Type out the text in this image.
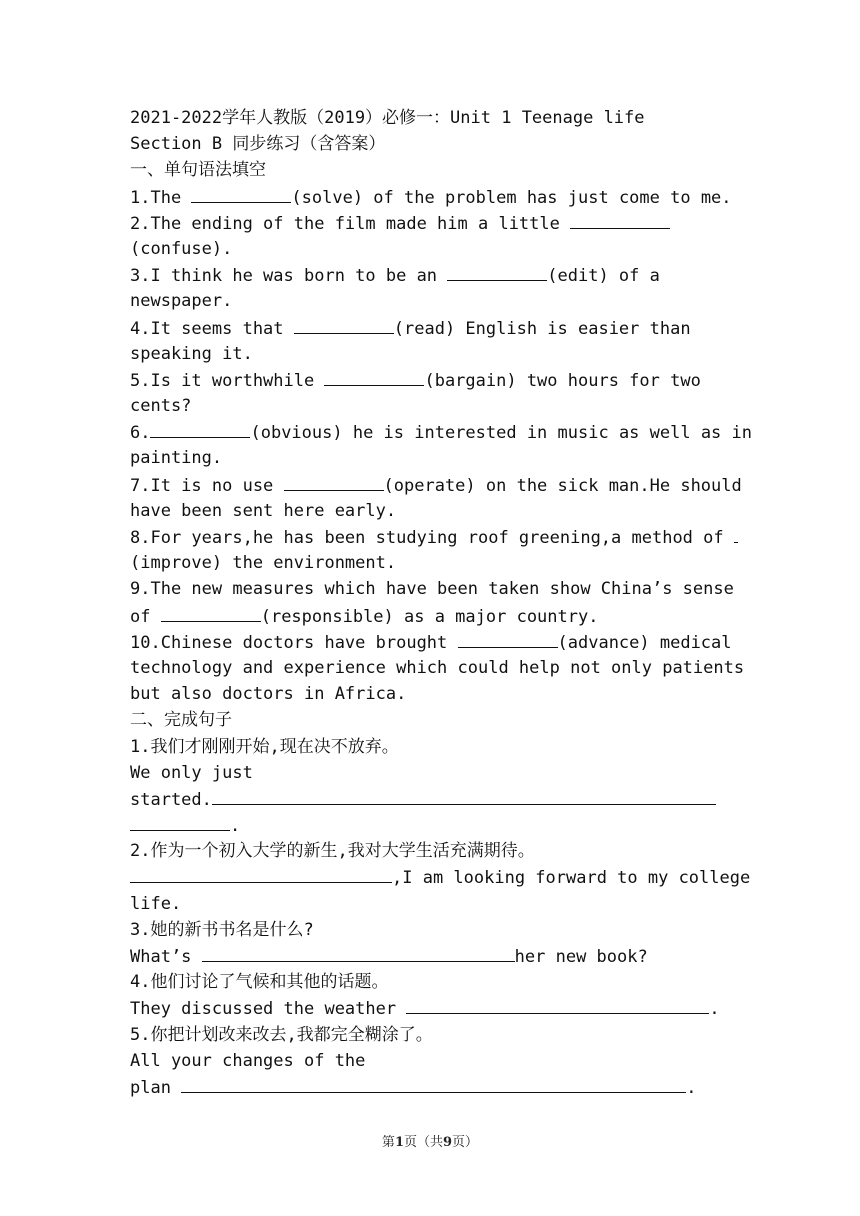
2021-2022学年人教版（2019）必修一：Unit 1 Teenage life
Section B 同步练习（含答案）
一、单句语法填空
1.The	(solve) of the problem has just come to me.
2.The ending of the film made him a little
(confuse).
3.I think he was born to be an	(edit) of a
newspaper.
4.It seems that	(read) English is easier than
speaking it.
5.Is it worthwhile	(bargain) two hours for two
cents?
6.	(obvious) he is interested in music as well as in
painting.
7.It is no use	(operate) on the sick man.He should
have been sent here early.
8.For years,he has been studying roof greening,a method of
(improve) the environment.
9.The new measures which have been taken show China’s sense
of	(responsible) as a major country.
10.Chinese doctors have brought	(advance) medical
technology and experience which could help not only patients
but also doctors in Africa.
二、完成句子
1.我们才刚刚开始,现在决不放弃。
We only just
started.
.
2.作为一个初入大学的新生,我对大学生活充满期待。
,I am looking forward to my college
life.
3.她的新书书名是什么?
What’s	her new book?
4.他们讨论了气候和其他的话题。
They discussed the weather	.
5.你把计划改来改去,我都完全糊涂了。
All your changes of the
plan	.
第1页（共9页）
